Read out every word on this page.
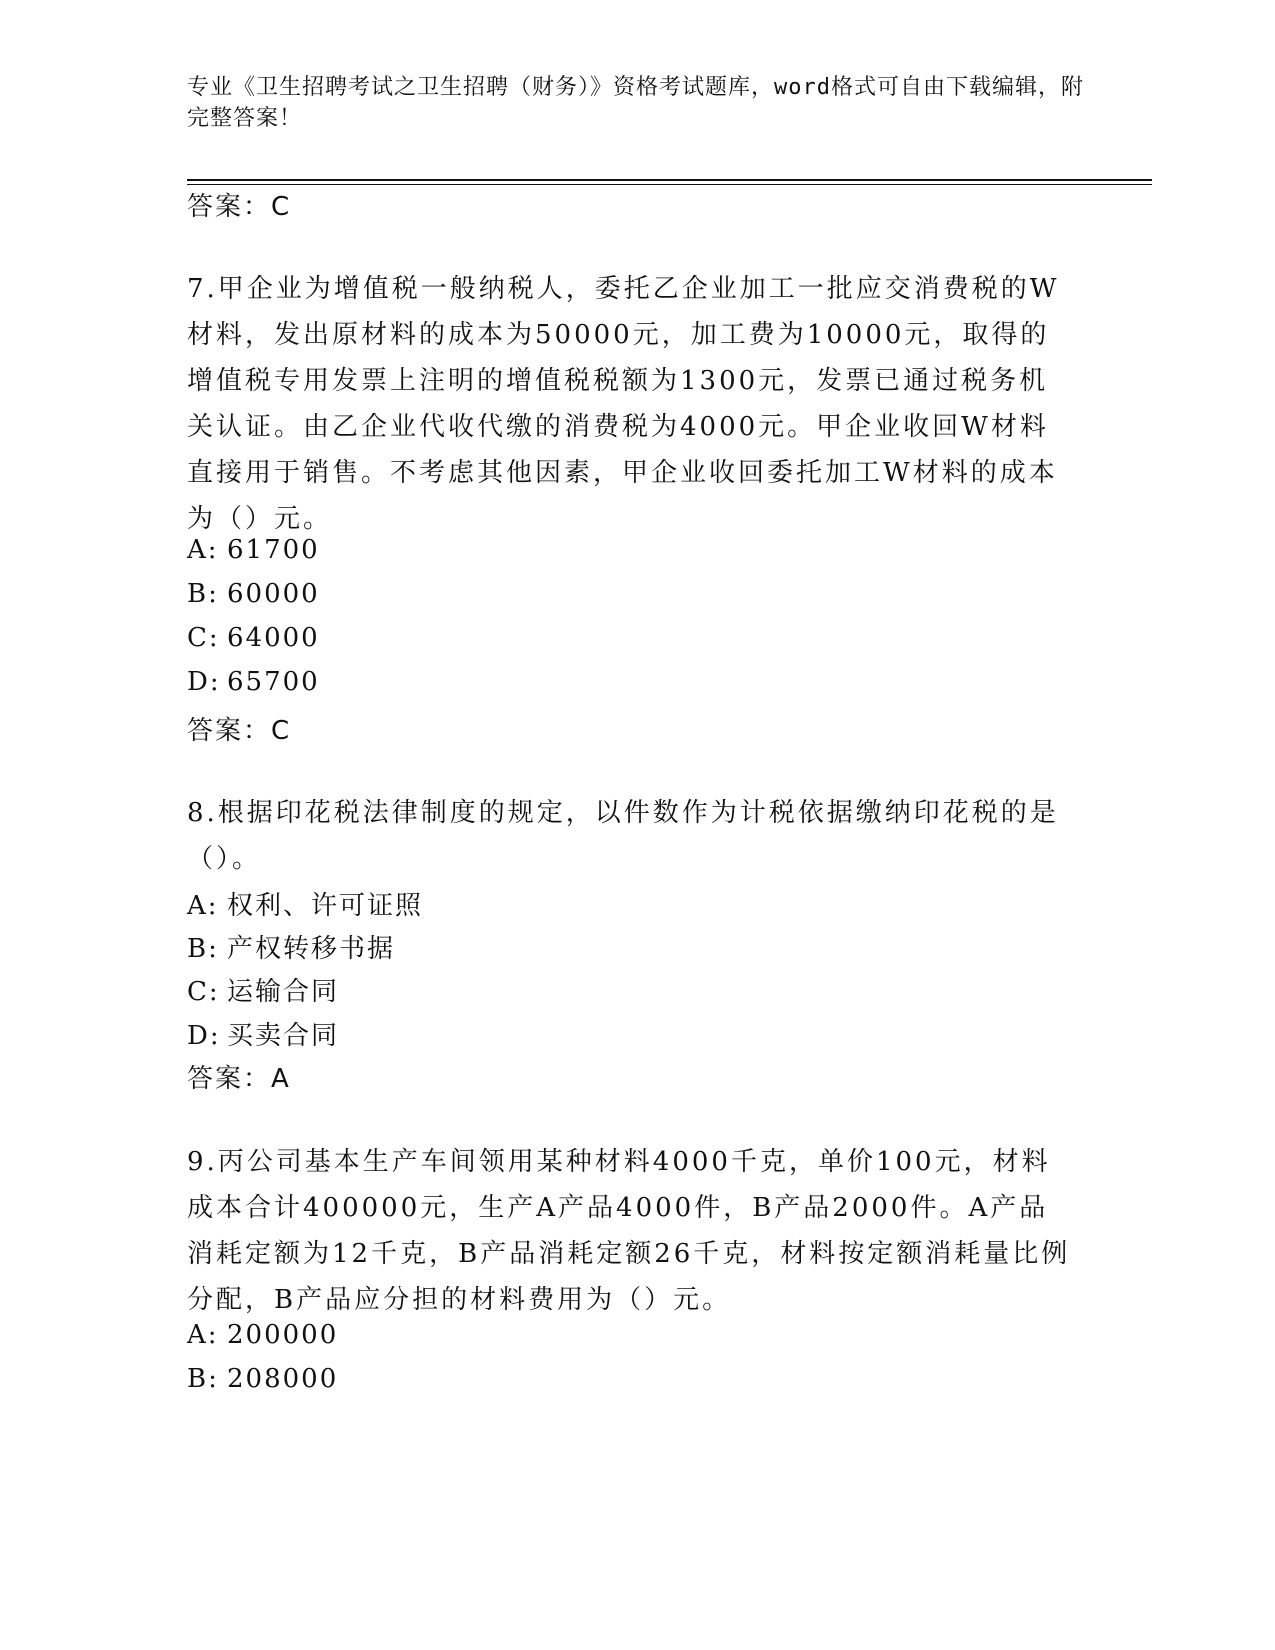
专业《卫生招聘考试之卫生招聘（财务）》资格考试题库，word格式可自由下载编辑，附完整答案！
答案：C
7.甲企业为增值税一般纳税人，委托乙企业加工一批应交消费税的W材料，发出原材料的成本为50000元，加工费为10000元，取得的增值税专用发票上注明的增值税税额为1300元，发票已通过税务机关认证。由乙企业代收代缴的消费税为4000元。甲企业收回W材料直接用于销售。不考虑其他因素，甲企业收回委托加工W材料的成本为（）元。
A: 61700
B: 60000
C: 64000
D: 65700
答案：C
8.根据印花税法律制度的规定，以件数作为计税依据缴纳印花税的是（）。
A: 权利、许可证照
B: 产权转移书据
C: 运输合同
D: 买卖合同
答案：A
9.丙公司基本生产车间领用某种材料4000千克，单价100元，材料成本合计400000元，生产A产品4000件，B产品2000件。A产品消耗定额为12千克，B产品消耗定额26千克，材料按定额消耗量比例分配，B产品应分担的材料费用为（）元。
A: 200000
B: 208000
